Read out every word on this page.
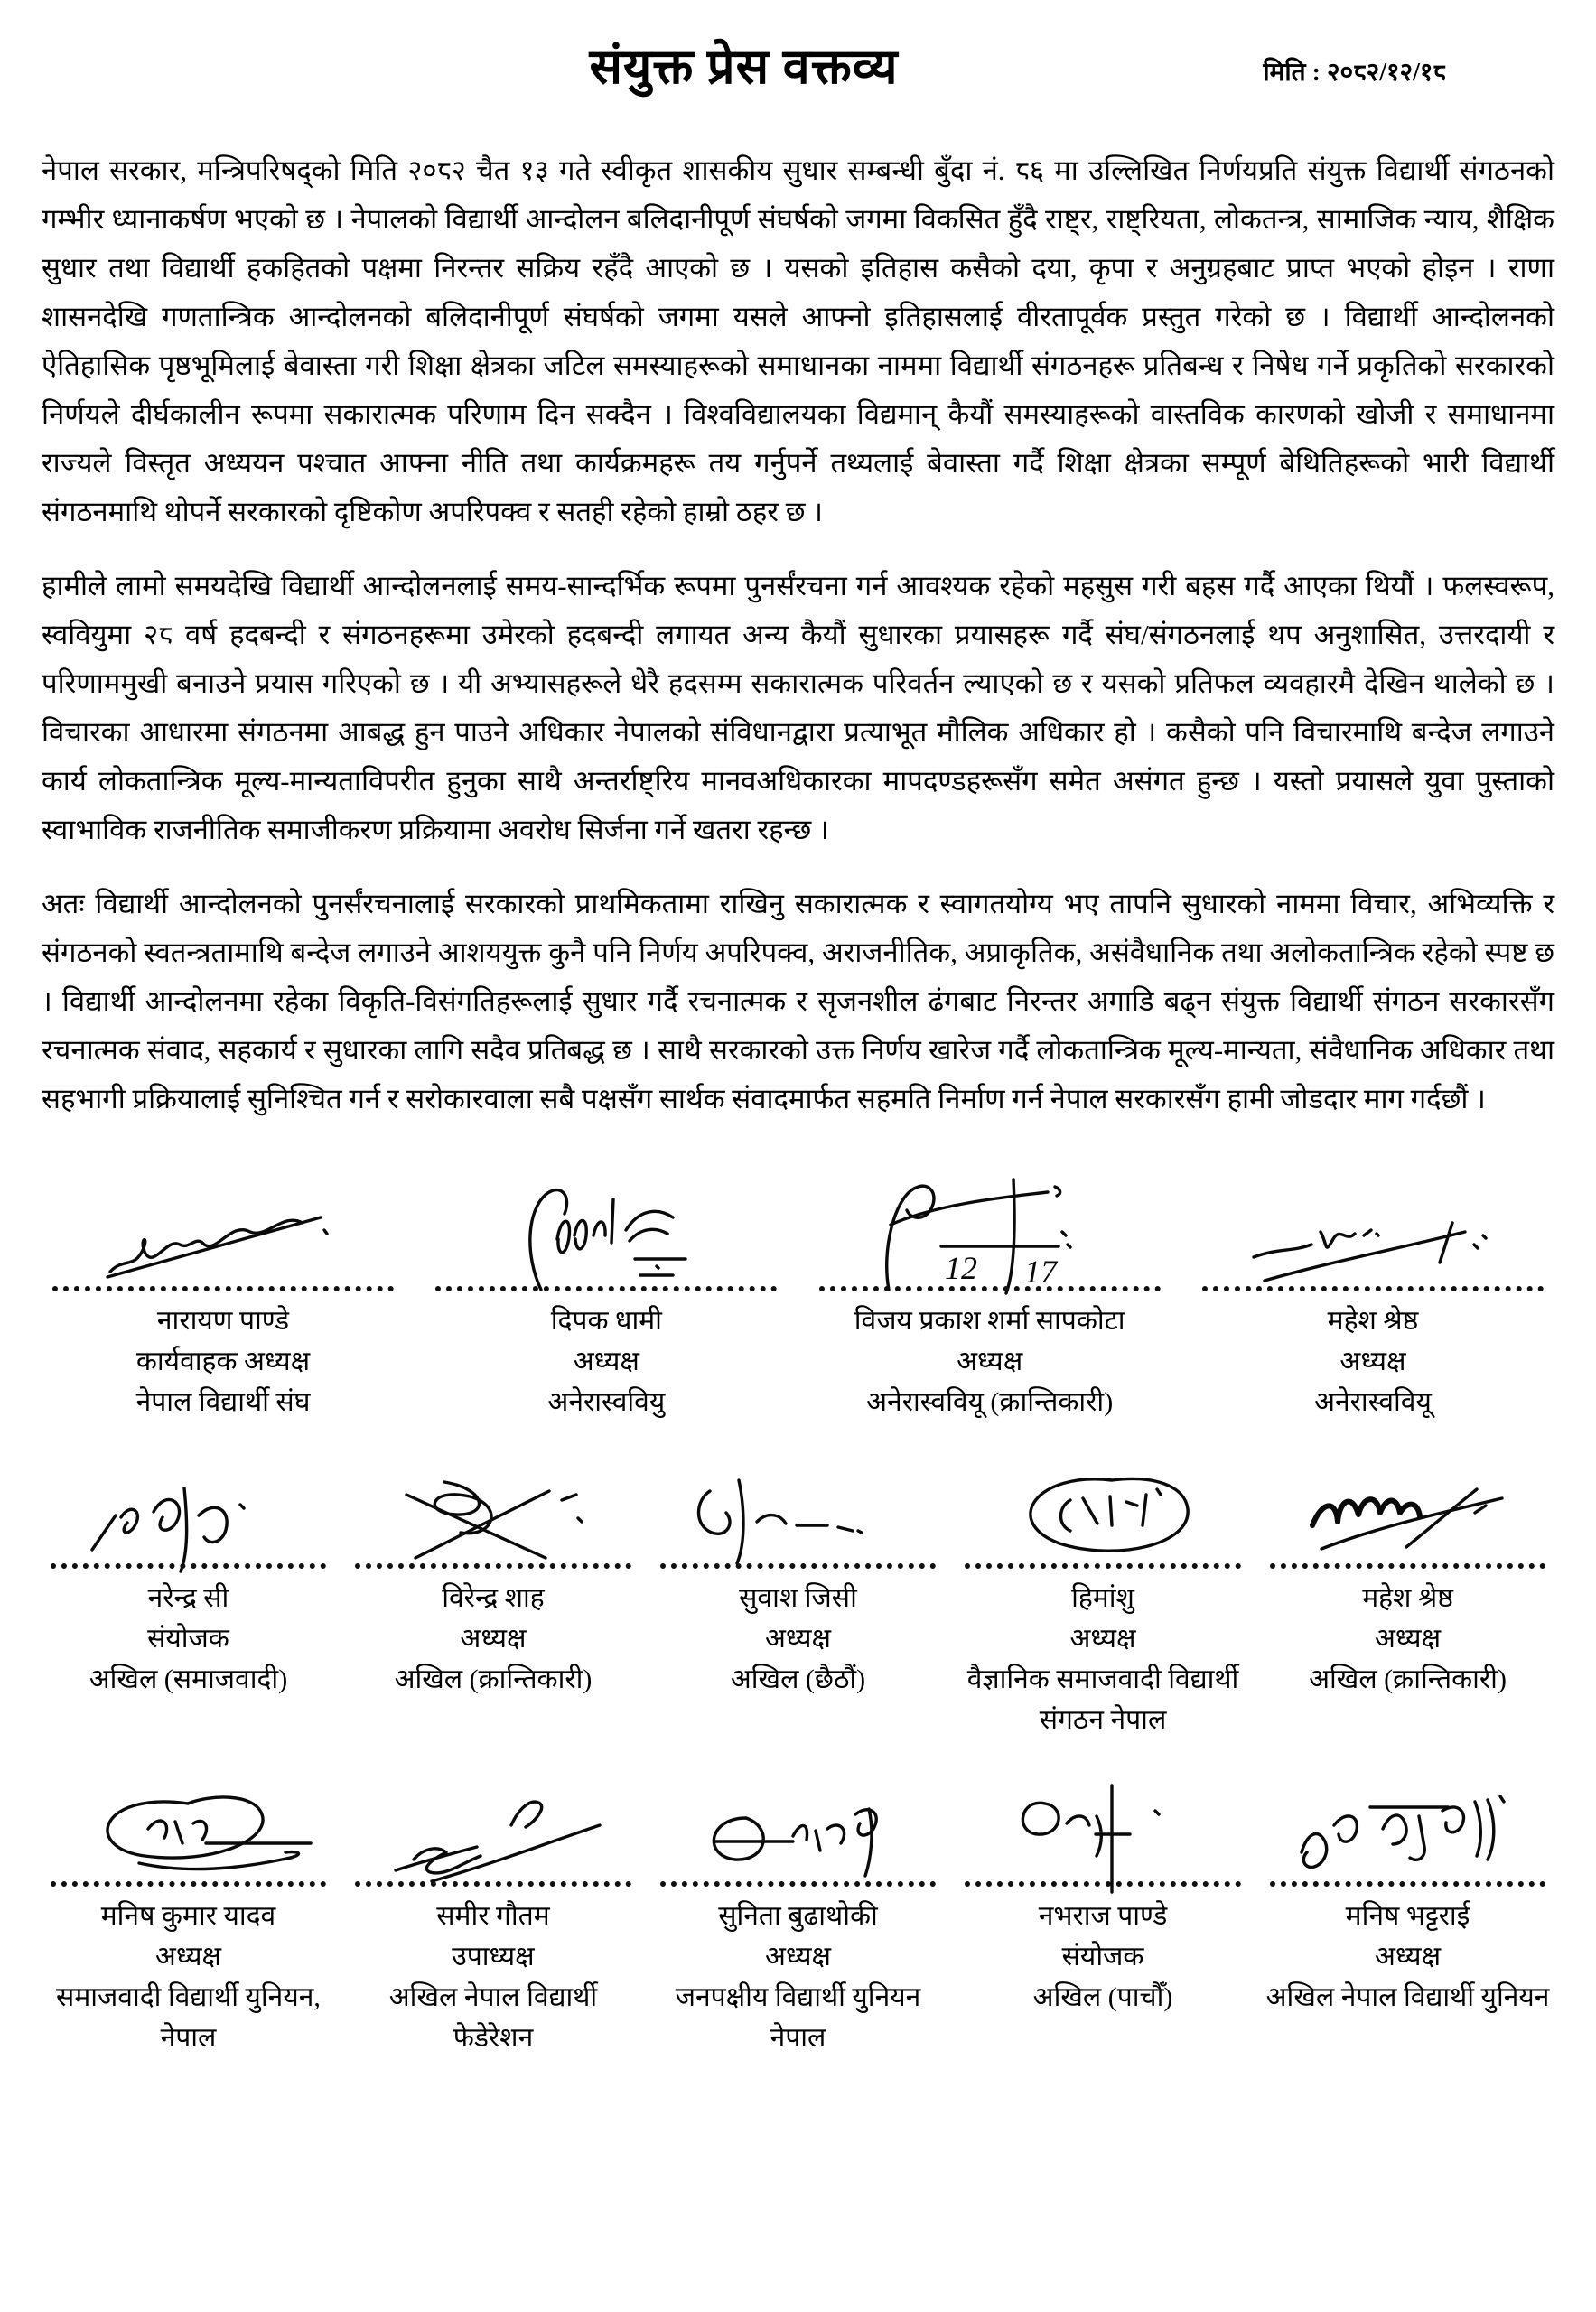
संयुक्त प्रेस वक्तव्य	मिति : २०८२/१२/१८

नेपाल सरकार, मन्त्रिपरिषद्को मिति २०८२ चैत १३ गते स्वीकृत शासकीय सुधार सम्बन्धी बुँदा नं. ८६ मा उल्लिखित निर्णयप्रति संयुक्त विद्यार्थी संगठनको गम्भीर ध्यानाकर्षण भएको छ । नेपालको विद्यार्थी आन्दोलन बलिदानीपूर्ण संघर्षको जगमा विकसित हुँदै राष्ट्र, राष्ट्रियता, लोकतन्त्र, सामाजिक न्याय, शैक्षिक सुधार तथा विद्यार्थी हकहितको पक्षमा निरन्तर सक्रिय रहँदै आएको छ । यसको इतिहास कसैको दया, कृपा र अनुग्रहबाट प्राप्त भएको होइन । राणा शासनदेखि गणतान्त्रिक आन्दोलनको बलिदानीपूर्ण संघर्षको जगमा यसले आफ्नो इतिहासलाई वीरतापूर्वक प्रस्तुत गरेको छ । विद्यार्थी आन्दोलनको ऐतिहासिक पृष्ठभूमिलाई बेवास्ता गरी शिक्षा क्षेत्रका जटिल समस्याहरूको समाधानका नाममा विद्यार्थी संगठनहरू प्रतिबन्ध र निषेध गर्ने प्रकृतिको सरकारको निर्णयले दीर्घकालीन रूपमा सकारात्मक परिणाम दिन सक्दैन । विश्वविद्यालयका विद्यमान् कैयौं समस्याहरूको वास्तविक कारणको खोजी र समाधानमा राज्यले विस्तृत अध्ययन पश्चात आफ्ना नीति तथा कार्यक्रमहरू तय गर्नुपर्ने तथ्यलाई बेवास्ता गर्दै शिक्षा क्षेत्रका सम्पूर्ण बेथितिहरूको भारी विद्यार्थी संगठनमाथि थोपर्ने सरकारको दृष्टिकोण अपरिपक्व र सतही रहेको हाम्रो ठहर छ ।

हामीले लामो समयदेखि विद्यार्थी आन्दोलनलाई समय-सान्दर्भिक रूपमा पुनर्संरचना गर्न आवश्यक रहेको महसुस गरी बहस गर्दै आएका थियौं । फलस्वरूप, स्ववियुमा २८ वर्ष हदबन्दी र संगठनहरूमा उमेरको हदबन्दी लगायत अन्य कैयौं सुधारका प्रयासहरू गर्दै संघ/संगठनलाई थप अनुशासित, उत्तरदायी र परिणाममुखी बनाउने प्रयास गरिएको छ । यी अभ्यासहरूले धेरै हदसम्म सकारात्मक परिवर्तन ल्याएको छ र यसको प्रतिफल व्यवहारमै देखिन थालेको छ । विचारका आधारमा संगठनमा आबद्ध हुन पाउने अधिकार नेपालको संविधानद्वारा प्रत्याभूत मौलिक अधिकार हो । कसैको पनि विचारमाथि बन्देज लगाउने कार्य लोकतान्त्रिक मूल्य-मान्यताविपरीत हुनुका साथै अन्तर्राष्ट्रिय मानवअधिकारका मापदण्डहरूसँग समेत असंगत हुन्छ । यस्तो प्रयासले युवा पुस्ताको स्वाभाविक राजनीतिक समाजीकरण प्रक्रियामा अवरोध सिर्जना गर्ने खतरा रहन्छ ।

अतः विद्यार्थी आन्दोलनको पुनर्संरचनालाई सरकारको प्राथमिकतामा राखिनु सकारात्मक र स्वागतयोग्य भए तापनि सुधारको नाममा विचार, अभिव्यक्ति र संगठनको स्वतन्त्रतामाथि बन्देज लगाउने आशययुक्त कुनै पनि निर्णय अपरिपक्व, अराजनीतिक, अप्राकृतिक, असंवैधानिक तथा अलोकतान्त्रिक रहेको स्पष्ट छ । विद्यार्थी आन्दोलनमा रहेका विकृति-विसंगतिहरूलाई सुधार गर्दै रचनात्मक र सृजनशील ढंगबाट निरन्तर अगाडि बढ्न संयुक्त विद्यार्थी संगठन सरकारसँग रचनात्मक संवाद, सहकार्य र सुधारका लागि सदैव प्रतिबद्ध छ । साथै सरकारको उक्त निर्णय खारेज गर्दै लोकतान्त्रिक मूल्य-मान्यता, संवैधानिक अधिकार तथा सहभागी प्रक्रियालाई सुनिश्चित गर्न र सरोकारवाला सबै पक्षसँग सार्थक संवादमार्फत सहमति निर्माण गर्न नेपाल सरकारसँग हामी जोडदार माग गर्दछौं ।

नारायण पाण्डे
कार्यवाहक अध्यक्ष
नेपाल विद्यार्थी संघ
दिपक धामी
अध्यक्ष
अनेरास्ववियु
12 17
विजय प्रकाश शर्मा सापकोटा
अध्यक्ष
अनेरास्ववियू (क्रान्तिकारी)
महेश श्रेष्ठ
अध्यक्ष
अनेरास्ववियू
नरेन्द्र सी
संयोजक
अखिल (समाजवादी)
विरेन्द्र शाह
अध्यक्ष
अखिल (क्रान्तिकारी)
सुवाश जिसी
अध्यक्ष
अखिल (छैठौं)
हिमांशु
अध्यक्ष
वैज्ञानिक समाजवादी विद्यार्थी संगठन नेपाल
महेश श्रेष्ठ
अध्यक्ष
अखिल (क्रान्तिकारी)
मनिष कुमार यादव
अध्यक्ष
समाजवादी विद्यार्थी युनियन, नेपाल
समीर गौतम
उपाध्यक्ष
अखिल नेपाल विद्यार्थी फेडेरेशन
सुनिता बुढाथोकी
अध्यक्ष
जनपक्षीय विद्यार्थी युनियन नेपाल
नभराज पाण्डे
संयोजक
अखिल (पाचौँ)
मनिष भट्टराई
अध्यक्ष
अखिल नेपाल विद्यार्थी युनियन
